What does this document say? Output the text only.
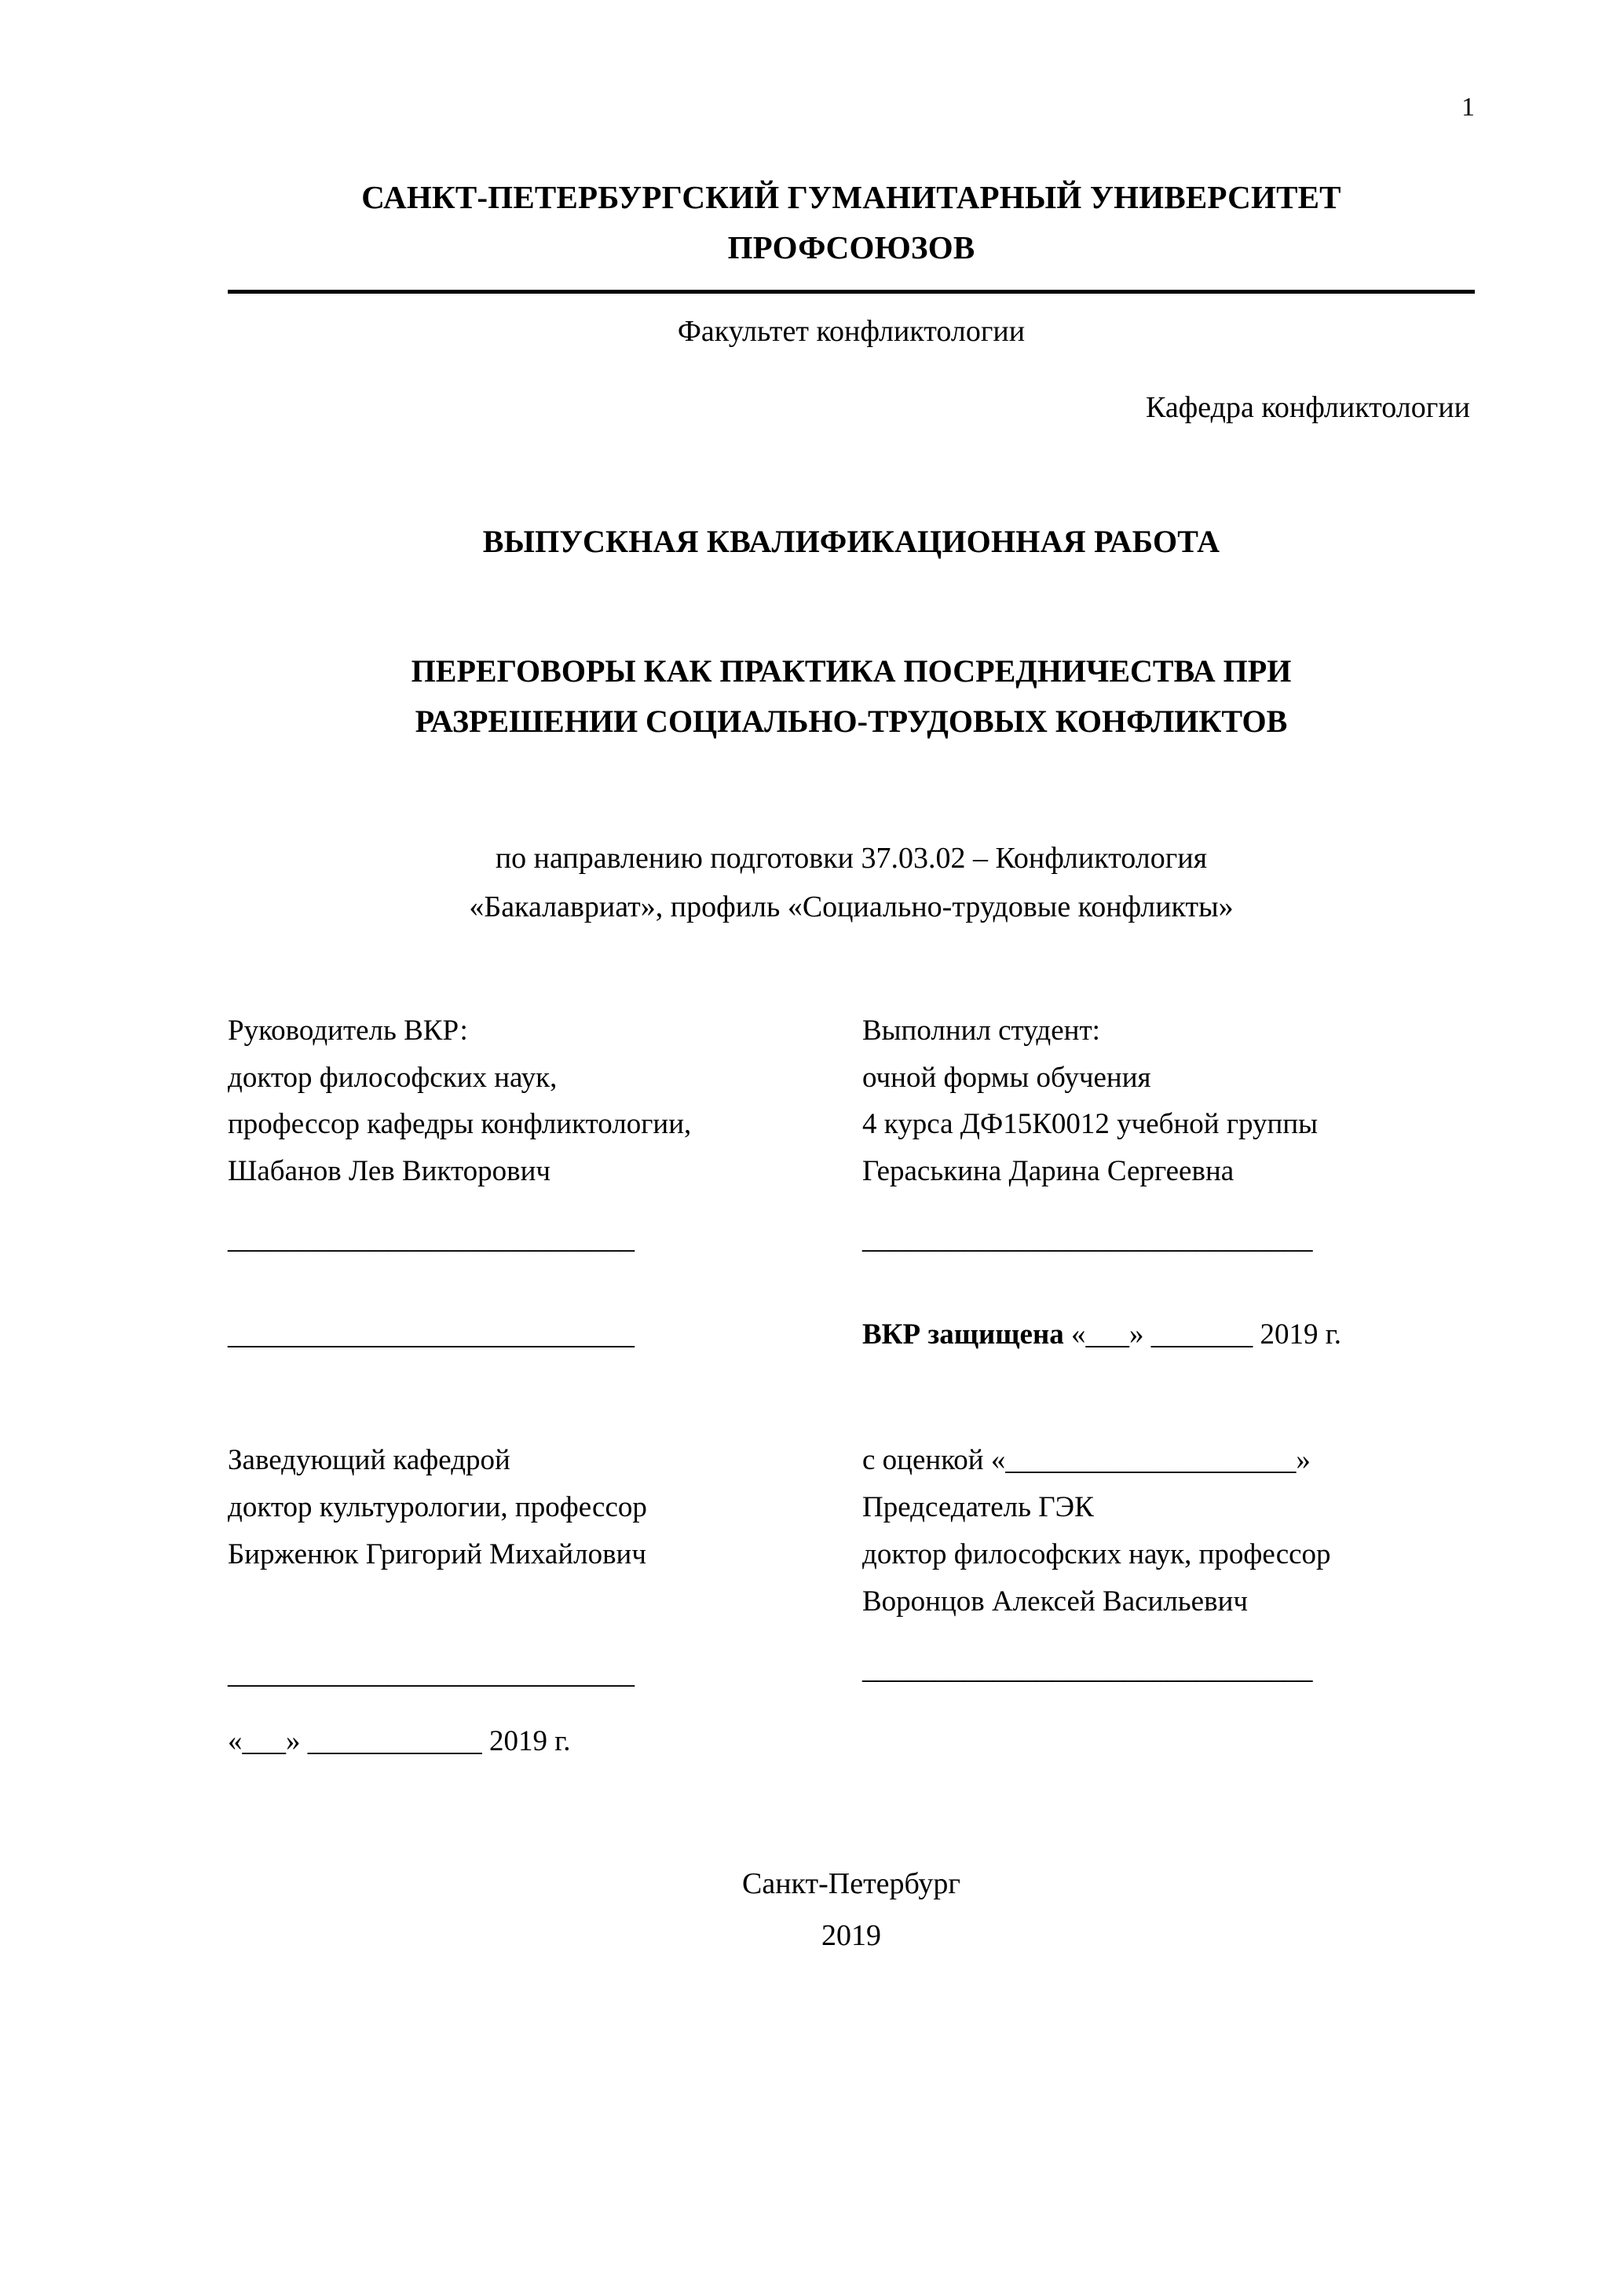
1
САНКТ-ПЕТЕРБУРГСКИЙ ГУМАНИТАРНЫЙ УНИВЕРСИТЕТ
ПРОФСОЮЗОВ
Факультет конфликтологии
Кафедра конфликтологии
ВЫПУСКНАЯ КВАЛИФИКАЦИОННАЯ РАБОТА
ПЕРЕГОВОРЫ КАК ПРАКТИКА ПОСРЕДНИЧЕСТВА ПРИ
РАЗРЕШЕНИИ СОЦИАЛЬНО-ТРУДОВЫХ КОНФЛИКТОВ
по направлению подготовки 37.03.02 – Конфликтология
«Бакалавриат», профиль «Социально-трудовые конфликты»
Руководитель ВКР:
доктор философских наук,
профессор кафедры конфликтологии,
Шабанов Лев Викторович
____________________________
____________________________
Выполнил студент:
очной формы обучения
4 курса ДФ15К0012 учебной группы
Гераськина Дарина Сергеевна
_______________________________
ВКР защищена «___» _______ 2019 г.
Заведующий кафедрой
доктор культурологии, профессор
Бирженюк Григорий Михайлович
____________________________
«___» ____________ 2019 г.
с оценкой «____________________»
Председатель ГЭК
доктор философских наук, профессор
Воронцов Алексей Васильевич
_______________________________
Санкт-Петербург
2019
